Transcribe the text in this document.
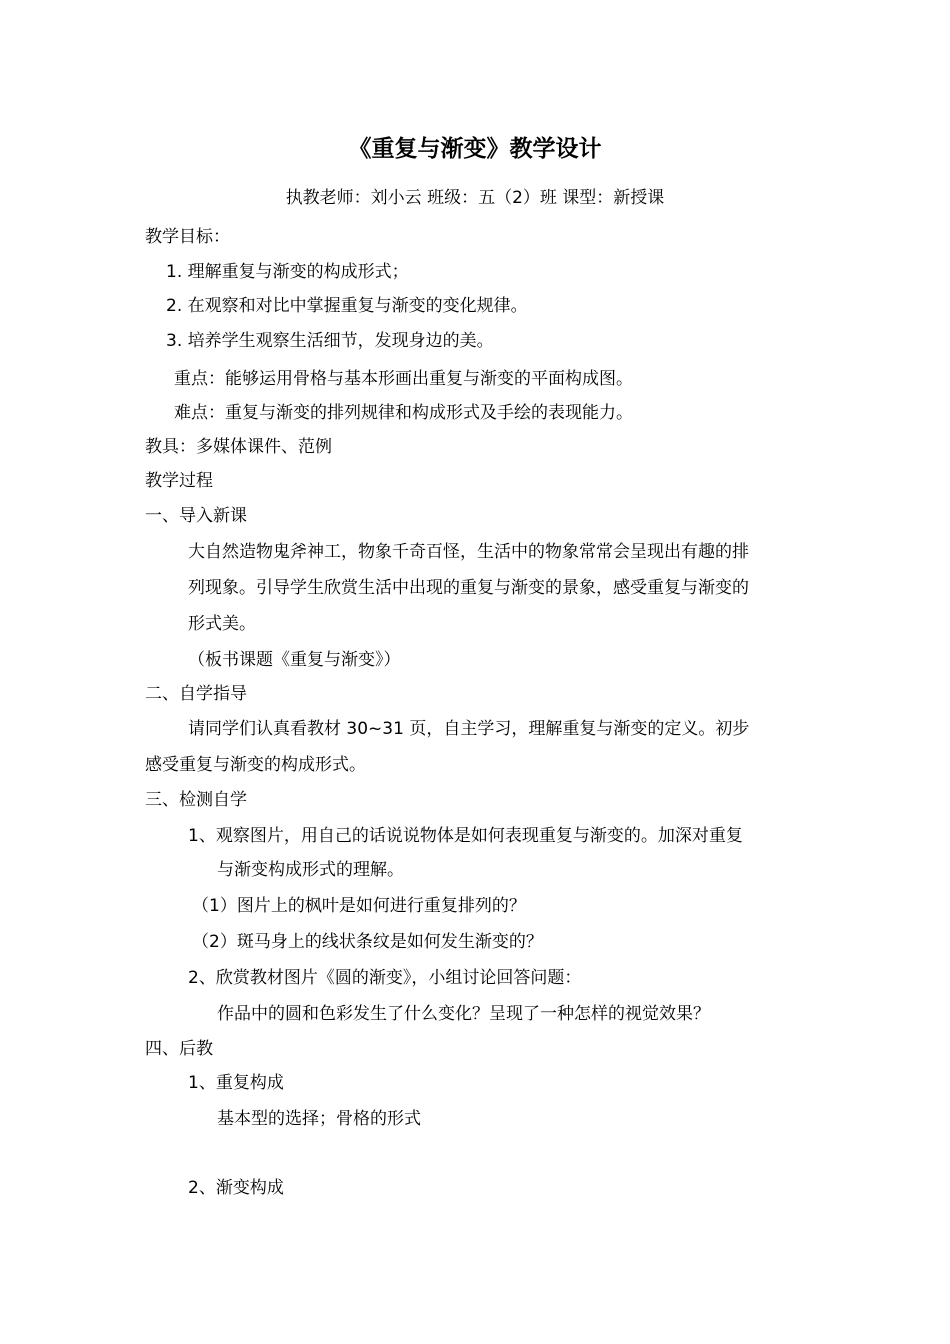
《重复与渐变》教学设计
执教老师：刘小云 班级：五（2）班 课型：新授课
教学目标：
1. 理解重复与渐变的构成形式；
2. 在观察和对比中掌握重复与渐变的变化规律。
3. 培养学生观察生活细节，发现身边的美。
重点：能够运用骨格与基本形画出重复与渐变的平面构成图。
难点：重复与渐变的排列规律和构成形式及手绘的表现能力。
教具：多媒体课件、范例
教学过程
一、导入新课
大自然造物鬼斧神工，物象千奇百怪，生活中的物象常常会呈现出有趣的排
列现象。引导学生欣赏生活中出现的重复与渐变的景象，感受重复与渐变的
形式美。
（板书课题《重复与渐变》）
二、自学指导
请同学们认真看教材 30~31 页，自主学习，理解重复与渐变的定义。初步
感受重复与渐变的构成形式。
三、检测自学
1、观察图片，用自己的话说说物体是如何表现重复与渐变的。加深对重复
与渐变构成形式的理解。
（1）图片上的枫叶是如何进行重复排列的？
（2）斑马身上的线状条纹是如何发生渐变的？
2、欣赏教材图片《圆的渐变》，小组讨论回答问题：
作品中的圆和色彩发生了什么变化？呈现了一种怎样的视觉效果？
四、后教
1、重复构成
基本型的选择；骨格的形式
2、渐变构成
